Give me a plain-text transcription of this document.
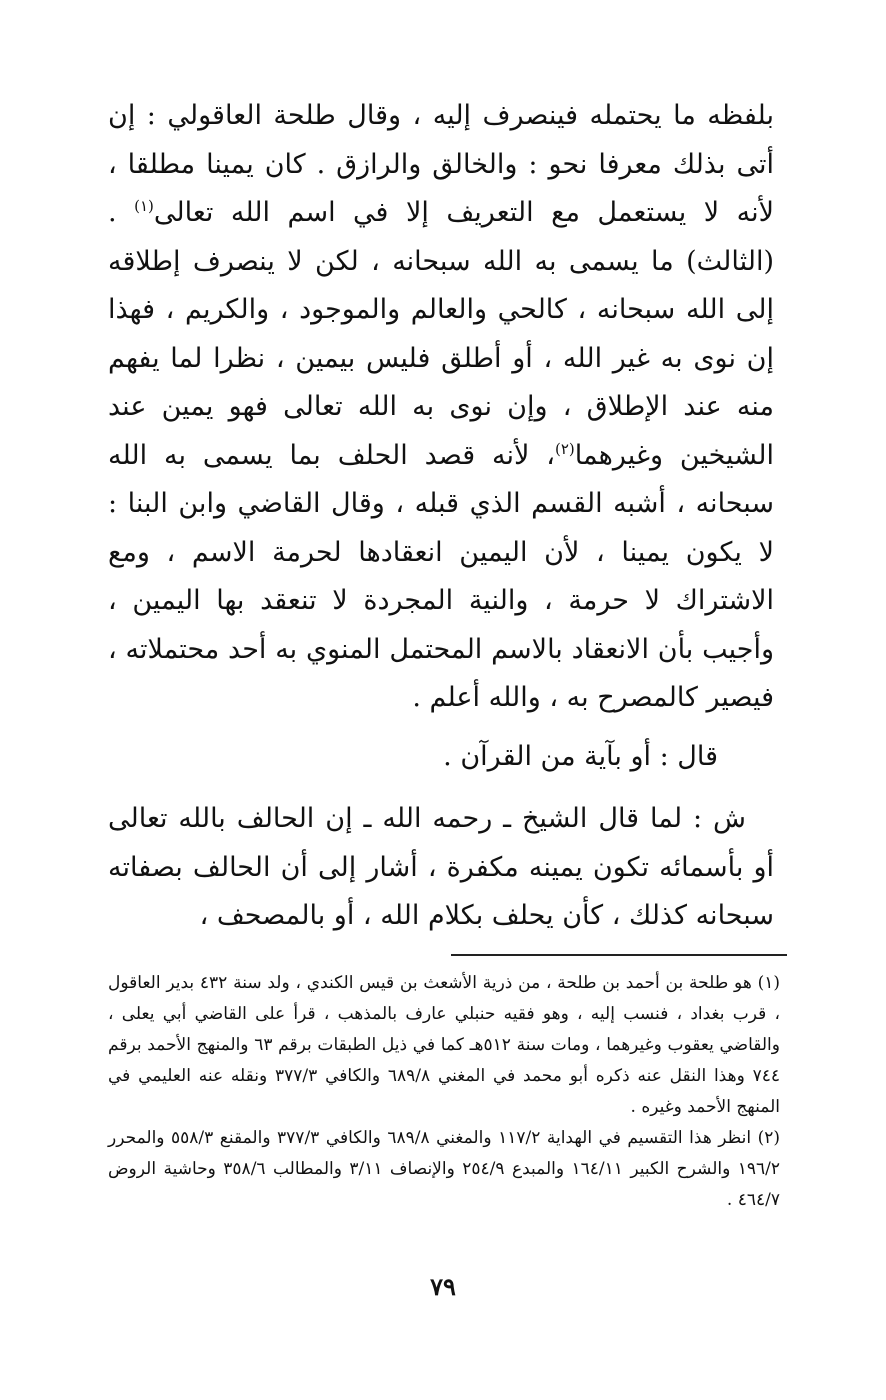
بلفظه ما يحتمله فينصرف إليه ، وقال طلحة العاقولي : إن أتى بذلك معرفا نحو : والخالق والرازق . كان يمينا مطلقا ، لأنه لا يستعمل مع التعريف إلا في اسم الله تعالى$^{(١)}$ . (الثالث) ما يسمى به الله سبحانه ، لكن لا ينصرف إطلاقه إلى الله سبحانه ، كالحي والعالم والموجود ، والكريم ، فهذا إن نوى به غير الله ، أو أطلق فليس بيمين ، نظرا لما يفهم منه عند الإطلاق ، وإن نوى به الله تعالى فهو يمين عند الشيخين وغيرهما$^{(٢)}$، لأنه قصد الحلف بما يسمى به الله سبحانه ، أشبه القسم الذي قبله ، وقال القاضي وابن البنا : لا يكون يمينا ، لأن اليمين انعقادها لحرمة الاسم ، ومع الاشتراك لا حرمة ، والنية المجردة لا تنعقد بها اليمين ، وأجيب بأن الانعقاد بالاسم المحتمل المنوي به أحد محتملاته ، فيصير كالمصرح به ، والله أعلم .

قال : أو بآية من القرآن .

ش : لما قال الشيخ ـ رحمه الله ـ إن الحالف بالله تعالى أو بأسمائه تكون يمينه مكفرة ، أشار إلى أن الحالف بصفاته سبحانه كذلك ، كأن يحلف بكلام الله ، أو بالمصحف ،

(١) هو طلحة بن أحمد بن طلحة ، من ذرية الأشعث بن قيس الكندي ، ولد سنة ٤٣٢ بدير العاقول ، قرب بغداد ، فنسب إليه ، وهو فقيه حنبلي عارف بالمذهب ، قرأ على القاضي أبي يعلى ، والقاضي يعقوب وغيرهما ، ومات سنة ٥١٢هـ كما في ذيل الطبقات برقم ٦٣ والمنهج الأحمد برقم ٧٤٤ وهذا النقل عنه ذكره أبو محمد في المغني ٦٨٩/٨ والكافي ٣٧٧/٣ ونقله عنه العليمي في المنهج الأحمد وغيره .

(٢) انظر هذا التقسيم في الهداية ١١٧/٢ والمغني ٦٨٩/٨ والكافي ٣٧٧/٣ والمقنع ٥٥٨/٣ والمحرر ١٩٦/٢ والشرح الكبير ١٦٤/١١ والمبدع ٢٥٤/٩ والإنصاف ٣/١١ والمطالب ٣٥٨/٦ وحاشية الروض ٤٦٤/٧ .

٧٩
